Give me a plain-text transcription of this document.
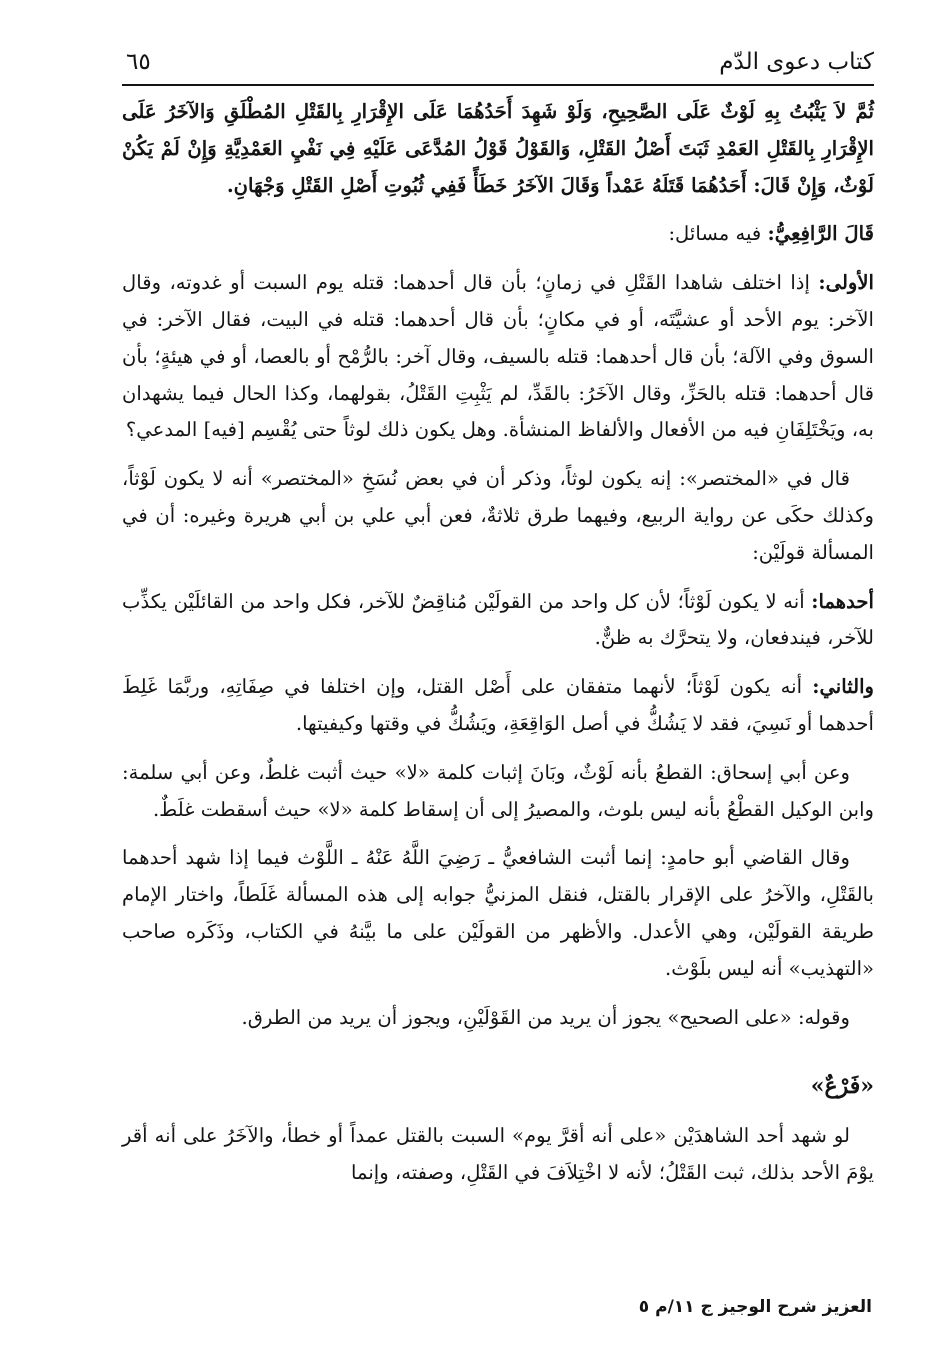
كتاب دعوى الدّم
٦٥

ثُمَّ لاَ يَثْبُتُ بِهِ لَوْثٌ عَلَى الصَّحِيحِ، وَلَوْ شَهِدَ أَحَدُهُمَا عَلَى الإِقْرَارِ بِالقَتْلِ المُطْلَقِ وَالآخَرُ عَلَى الإِقْرَارِ بِالقَتْلِ العَمْدِ ثَبَتَ أَصْلُ القَتْلِ، وَالقَوْلُ قَوْلُ المُدَّعَى عَلَيْهِ فِي نَفْيِ العَمْدِيَّةِ وَإِنْ لَمْ يَكُنْ لَوْثٌ، وَإِنْ قَالَ: أَحَدُهُمَا قَتَلَهُ عَمْداً وَقَالَ الآخَرُ خَطَأً فَفِي ثُبُوتِ أَصْلِ القَتْلِ وَجْهَانِ.

قَالَ الرَّافِعِيُّ: فيه مسائل:

الأولى: إذا اختلف شاهدا القَتْلِ في زمانٍ؛ بأن قال أحدهما: قتله يوم السبت أو غدوته، وقال الآخر: يوم الأحد أو عشيَّتَه، أو في مكانٍ؛ بأن قال أحدهما: قتله في البيت، فقال الآخر: في السوق وفي الآلة؛ بأن قال أحدهما: قتله بالسيف، وقال آخر: بالرُّمْح أو بالعصا، أو في هيئةٍ؛ بأن قال أحدهما: قتله بالحَزِّ، وقال الآخَرُ: بالقَدِّ، لم يَثْبِتِ القَتْلُ، بقولهما، وكذا الحال فيما يشهدان به، ويَخْتَلِفَانِ فيه من الأفعال والألفاظ المنشأة. وهل يكون ذلك لوثاً حتى يُقْسِم [فيه] المدعي؟

قال في «المختصر»: إنه يكون لوثاً، وذكر أن في بعض نُسَخِ «المختصر» أنه لا يكون لَوْثاً، وكذلك حكَى عن رواية الربيع، وفيهما طرق ثلاثةٌ، فعن أبي علي بن أبي هريرة وغيره: أن في المسألة قولَيْن:

أحدهما: أنه لا يكون لَوْثاً؛ لأن كل واحد من القولَيْن مُناقِضٌ للآخر، فكل واحد من القائلَيْن يكذِّب للآخر، فيندفعان، ولا يتحرَّك به ظنٌّ.

والثاني: أنه يكون لَوْثاً؛ لأنهما متفقان على أَصْل القتل، وإن اختلفا في صِفَاتِهِ، وربَّمَا غَلِطَ أحدهما أو نَسِيَ، فقد لا يَشُكُّ في أصل الوَاقِعَةِ، ويَشُكُّ في وقتها وكيفيتها.

وعن أبي إسحاق: القطعُ بأنه لَوْثٌ، وبَانَ إثبات كلمة «لا» حيث أثبت غلطٌ، وعن أبي سلمة: وابن الوكيل القطْعُ بأنه ليس بلوث، والمصيرُ إلى أن إسقاط كلمة «لا» حيث أسقطت غلَطٌ.

وقال القاضي أبو حامدٍ: إنما أثبت الشافعيُّ ـ رَضِيَ اللَّهُ عَنْهُ ـ اللَّوْث فيما إذا شهد أحدهما بالقَتْلِ، والآخرُ على الإقرار بالقتل، فنقل المزنيُّ جوابه إلى هذه المسألة غَلَطاً، واختار الإمام طريقة القولَيْن، وهي الأعدل. والأظهر من القولَيْن على ما بيَّنهُ في الكتاب، وذَكَره صاحب «التهذيب» أنه ليس بلَوْث.

وقوله: «على الصحيح» يجوز أن يريد من القَوْلَيْنِ، ويجوز أن يريد من الطرق.

«فَرْعٌ»

لو شهد أحد الشاهدَيْن «على أنه أقرَّ يوم» السبت بالقتل عمداً أو خطأ، والآخَرُ على أنه أقر يوْمَ الأحد بذلك، ثبت القَتْلُ؛ لأنه لا اخْتِلاَفَ في القَتْلِ، وصفته، وإنما

العزيز شرح الوجيز ج ١١/م ٥
